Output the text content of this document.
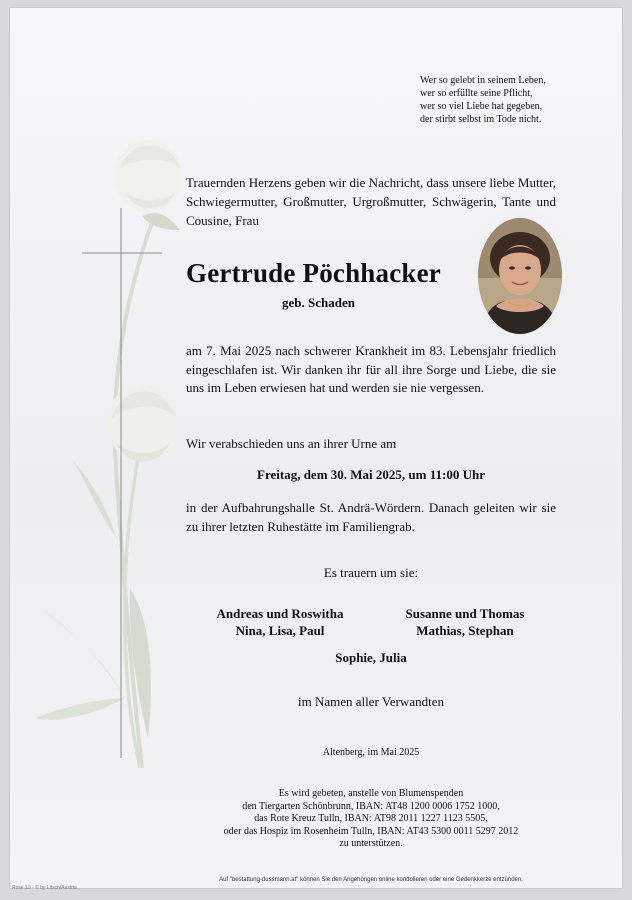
Wer so gelebt in seinem Leben,
wer so erfüllte seine Pflicht,
wer so viel Liebe hat gegeben,
der stirbt selbst im Tode nicht.
Trauernden Herzens geben wir die Nachricht, dass unsere liebe Mutter, Schwiegermutter, Großmutter, Urgroßmutter, Schwägerin, Tante und Cousine, Frau
Gertrude Pöchhacker
geb. Schaden
am 7. Mai 2025 nach schwerer Krankheit im 83. Lebensjahr friedlich eingeschlafen ist. Wir danken ihr für all ihre Sorge und Liebe, die sie uns im Leben erwiesen hat und werden sie nie vergessen.
Wir verabschieden uns an ihrer Urne am
Freitag, dem 30. Mai 2025, um 11:00 Uhr
in der Aufbahrungshalle St. Andrä-Wördern. Danach geleiten wir sie zu ihrer letzten Ruhestätte im Familiengrab.
Es trauern um sie:
Andreas und Roswitha
Nina, Lisa, Paul
Susanne und Thomas
Mathias, Stephan
Sophie, Julia
im Namen aller Verwandten
Altenberg, im Mai 2025
Es wird gebeten, anstelle von Blumenspenden
den Tiergarten Schönbrunn, IBAN: AT48 1200 0006 1752 1000,
das Rote Kreuz Tulln, IBAN: AT98 2011 1227 1123 5505,
oder das Hospiz im Rosenheim Tulln, IBAN: AT43 5300 0011 5297 2012
zu unterstützen.
Auf "bestattung-dussmann.at" können Sie den Angehörigen online kondolieren oder eine Gedenkkerze entzünden.
Rose 10 - © by Litsch/Austria
